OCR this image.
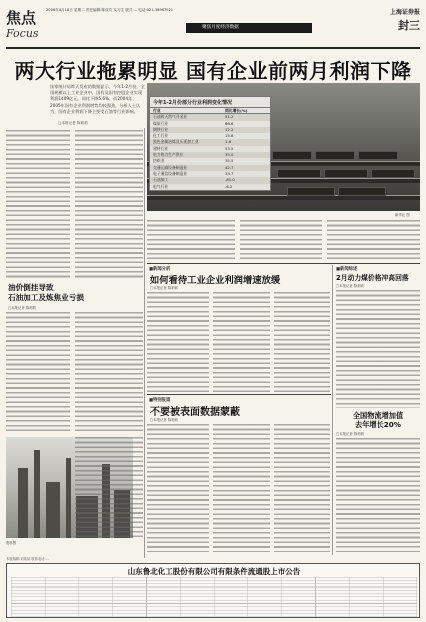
焦点
Focus
2006年4月18日 星期二 责任编辑:陈成功 实习生 版式:... 电话:021-38967921
聚焦月度经济数据
上海证券报
封三
两大行业拖累明显 国有企业前两月利润下降
国家统计局昨天发布的数据显示，今年1-2月份，全国规模以上工业企业中，国有及国有控股企业实现利润1409亿元，同比下降5.6%，而2004年、2005年国有企业利润增势均较强劲。分析人士认为，国有企业利润下降主要受石油等行业影响。
□本报记者 陈莉莉
新华社 图
今年1-2月份部分行业利润变化情况
行业	同比增长(%)
石油和天然气开采业	51.2
煤炭行业	66.6
钢铁行业	12.2
化工行业	15.8
黑色金属冶炼及压延加工业	1.6
建材行业	53.5
电力热力生产供应	35.0
纺织业	35.5
交通运输设备制造业	42.7
电子通信设备制造业	33.7
石油加工	-81.0
电气行业	-6.2
油价倒挂导致
石油加工及炼焦业亏损
□本报记者 陈莉莉
资料图
■新闻分析
如何看待工业企业利润增速放缓
□本报记者 陈莉莉
■特别报道
不要被表面数据蒙蔽
□本报记者 陈莉莉
■新闻综述
2月动力煤价格冲高回落
□本报记者 陈莉莉
全国物流增加值
去年增长20%
□本报记者 陈莉莉
本版编辑:刘某某 联系电话:...
山东鲁北化工股份有限公司有限条件流通股上市公告
